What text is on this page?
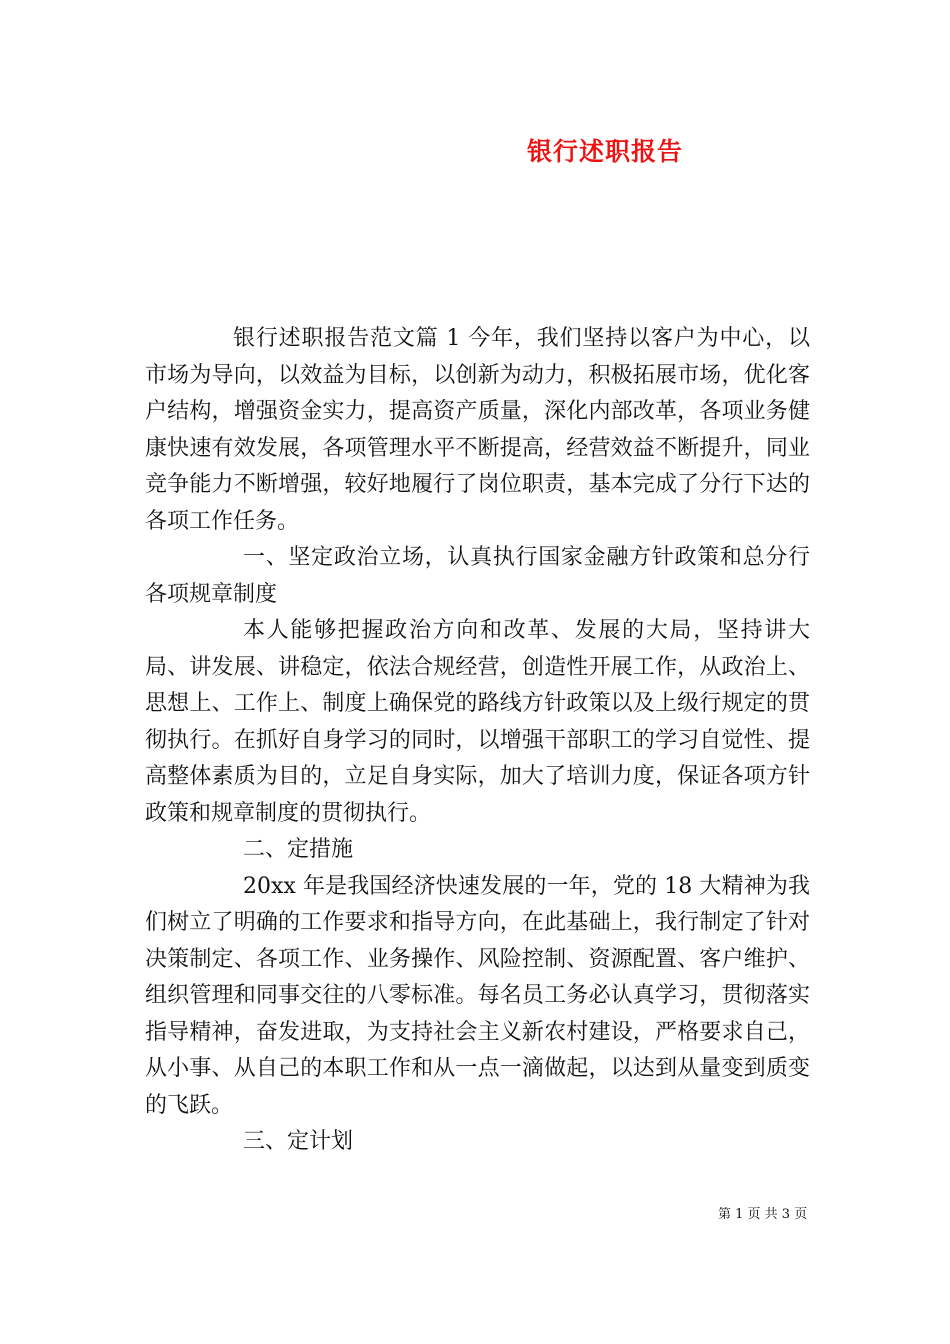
银行述职报告

银行述职报告范文篇 1 今年，我们坚持以客户为中心，以市场为导向，以效益为目标，以创新为动力，积极拓展市场，优化客户结构，增强资金实力，提高资产质量，深化内部改革，各项业务健康快速有效发展，各项管理水平不断提高，经营效益不断提升，同业竞争能力不断增强，较好地履行了岗位职责，基本完成了分行下达的各项工作任务。

一、坚定政治立场，认真执行国家金融方针政策和总分行各项规章制度

本人能够把握政治方向和改革、发展的大局，坚持讲大局、讲发展、讲稳定，依法合规经营，创造性开展工作，从政治上、思想上、工作上、制度上确保党的路线方针政策以及上级行规定的贯彻执行。在抓好自身学习的同时，以增强干部职工的学习自觉性、提高整体素质为目的，立足自身实际，加大了培训力度，保证各项方针政策和规章制度的贯彻执行。

二、定措施

20xx 年是我国经济快速发展的一年，党的 18 大精神为我们树立了明确的工作要求和指导方向，在此基础上，我行制定了针对决策制定、各项工作、业务操作、风险控制、资源配置、客户维护、组织管理和同事交往的八零标准。每名员工务必认真学习，贯彻落实指导精神，奋发进取，为支持社会主义新农村建设，严格要求自己，从小事、从自己的本职工作和从一点一滴做起，以达到从量变到质变的飞跃。

三、定计划

第 1 页 共 3 页
